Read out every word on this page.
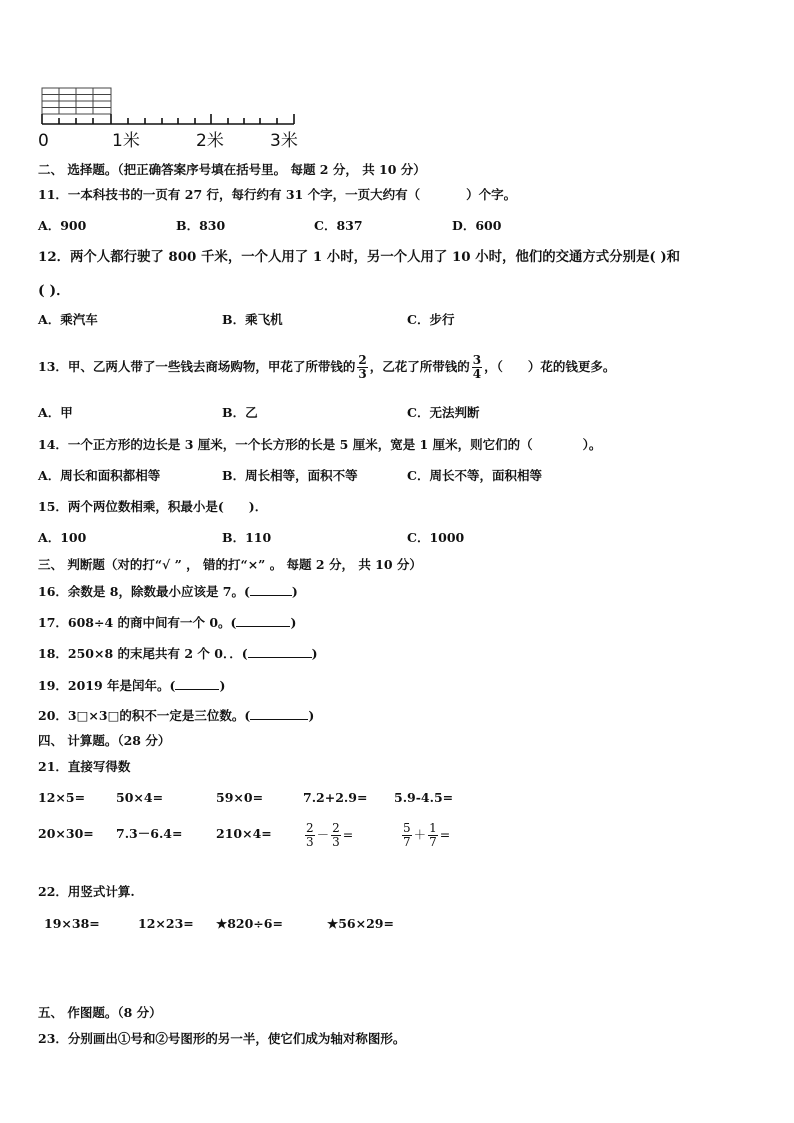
0	1米	2米	3米
二、 选择题。（把正确答案序号填在括号里。 每题 2 分， 共 10 分）
11．一本科技书的一页有 27 行，每行约有 31 个字，一页大约有（	）个字。
A．900	B．830	C．837	D．600
12．两个人都行驶了 800 千米，一个人用了 1 小时，另一个人用了 10 小时，他们的交通方式分别是( )和
( )．
A．乘汽车	B．乘飞机	C．步行
13．甲、乙两人带了一些钱去商场购物，甲花了所带钱的 $\frac{2}{3}$ ，乙花了所带钱的 $\frac{3}{4}$ ，（　　）花的钱更多。
A．甲	B．乙	C．无法判断
14．一个正方形的边长是 3 厘米，一个长方形的长是 5 厘米，宽是 1 厘米，则它们的（　　　　）。
A．周长和面积都相等	B．周长相等，面积不等	C．周长不等，面积相等
15．两个两位数相乘，积最小是(　　)．
A．100	B．110	C．1000
三、 判断题（对的打“√ ” ， 错的打“×” 。 每题 2 分， 共 10 分）
16．余数是 8，除数最小应该是 7。(	)
17．608÷4 的商中间有一个 0。(	)
18．250×8 的末尾共有 2 个 0．．(	)
19．2019 年是闰年。(	)
20．3□×3□的积不一定是三位数。(	)
四、 计算题。（28 分）
21．直接写得数
12×5= 50×4=	59×0=	7.2+2.9= 5.9-4.5=
20×30= 7.3－6.4=	210×4=	$\frac{2}{3} - \frac{2}{3}$ =	$\frac{5}{7} + \frac{1}{7}$ =
22．用竖式计算.
19×38=	12×23= ★820÷6=	★56×29=
五、 作图题。（8 分）
23．分别画出①号和②号图形的另一半，使它们成为轴对称图形。
